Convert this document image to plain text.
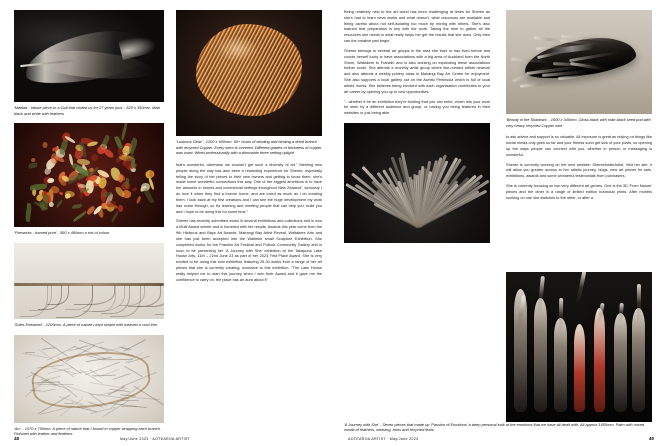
'Matilda - tribute piece to a Gull that visited us for 27 years plus' - 820 x 350mm. Matt black and white with feathers
'Fireworks - framed print' - 580 x 480mm a riot of colour
'Soles Entwined' - 1200mm. A piece of nature I kept simple with weaved a cord trim
'Arc' - 1070 x 750mm. A piece of nature that I bound in copper wrapping each branch. Finished with leather and feathers
'Lustrous Glow' - 1200 x 600mm. 60+ hours of winding and binding a dried branch with recycled Copper. Every stem is covered. Different grades of thickness of copper was used. Wired professionally with a dimmable three setting uplight

that's wonderful, otherwise we wouldn't get such a diversity of art." Meeting new people along the way has also been a rewarding experience for Sheree, especially telling the story of her pieces to their new owners and getting to know them, she's made some wonderful connections this way. One of her biggest ambitions is to have her artworks in homes and commercial settings throughout New Zealand", seriously I do love it when they find a forever home, and are loved as much as I do creating them. I look back at my first creations and I can see the huge development my work has come through, so it's learning and meeting people that can help you, build you and I hope to be doing this for some time."

Sheree has recently submitted works in several exhibitions and collections and is now a Multi Award winner and is humbled with her results. Awards this year come from the 9th Hibiscus and Bays Art Awards, Mairangi Bay Artist Reveal, Waitakere Arts and she has just been accepted into the Waiheke small Sculpture Exhibition. She completed works for the Franklin Art Festival and Pollock Community Gallery and is soon to be presenting her 'A Journey with She' exhibition at the Takapuna Lake House Arts, 11th – 22nd June 23 as part of her 2023 First Place Award. She is very excited to be doing this solo exhibition featuring 25-30 works from a range of her art pieces that she is currently creating, exclusive to this exhibition. "The Lake House really helped me to start this journey when I won their Award and it gave me the confidence to carry on, the place has an aura about it"

48	May/June 2023 · AOTEAROA ARTIST

Being relatively new to the art world has been challenging at times for Sheree as she's had to learn what works and what doesn't, what resources are available and being careful about not self-isolating too much by mixing with others. She's also learned that preparation is key with her work. Taking the time to gather all the resources she needs is what really helps her get the results that she does. Only then can the creative part begin.

Sheree belongs to several art groups in the area she lives or has lived before and counts herself lucky to have associations with a big area of Auckland from the North Shore, Waitakere to Franklin and is also working on expanding these associations further south. She attends a monthly artist group where like-minded artists network and also attends a weekly pottery class in Mairangi Bay Art Centre for enjoyment. She also supports a local gallery out on the Awhitu Peninsula which is full of local artists' works. She believes being involved with each organisation contributes to your art career by opening you up to new opportunities.

"...whether it be an exhibition they're holding that you can enter, which lets your work be seen by a different audience and group, or having you being featured in their websites or just being able

'Beauty in the Shadows' - 1600 x 340mm. Gloss black with matt black seed pod with very heavy recycled Copper wire

to ask advice and support is so valuable. All exposure is great as relying on things like social media only goes so far and your friends soon get sick of your posts, so opening up the ways people can connect with you, whether in person or messaging is wonderful.

Sheree is currently working on her new website: ShereefosterArtist. Visit her site, it will allow you greater access to her artistic journey, blogs, new art pieces for sale, exhibitions, awards and some wonderful testimonials from purchasers.

She is currently focusing on two very different art genres. One is the 3D 'From Nature' pieces and the other is a range of limited edition botanical prints. After months working on one she switches to the other, or after a

'A Journey with She' - Seven pieces that made up 'Passion of Emotions' a deep personal look at the emotions that we have all dealt with. All approx 1650mm. Palm with mixed media of feathers, weaving, trims and recycled finds.
49
AOTEAROA ARTIST · May/June 2023
